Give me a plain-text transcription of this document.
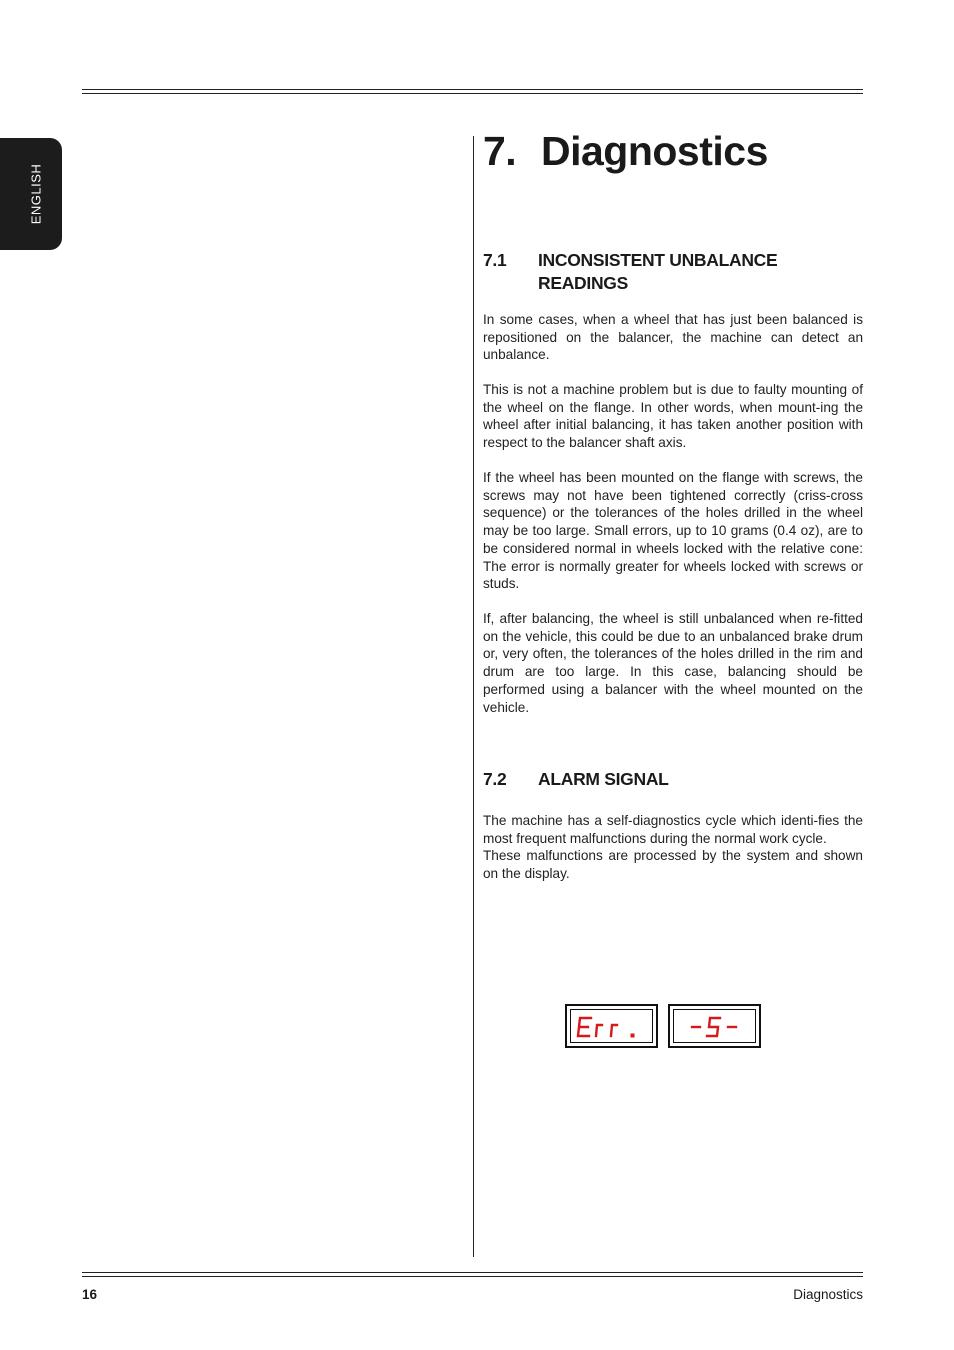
ENGLISH
7. Diagnostics
7.1	INCONSISTENT UNBALANCE READINGS

In some cases, when a wheel that has just been balanced is repositioned on the balancer, the machine can detect an unbalance.

This is not a machine problem but is due to faulty mounting of the wheel on the flange. In other words, when mount-ing the wheel after initial balancing, it has taken another position with respect to the balancer shaft axis.

If the wheel has been mounted on the flange with screws, the screws may not have been tightened correctly (criss-cross sequence) or the tolerances of the holes drilled in the wheel may be too large. Small errors, up to 10 grams (0.4 oz), are to be considered normal in wheels locked with the relative cone: The error is normally greater for wheels locked with screws or studs.

If, after balancing, the wheel is still unbalanced when re-fitted on the vehicle, this could be due to an unbalanced brake drum or, very often, the tolerances of the holes drilled in the rim and drum are too large. In this case, balancing should be performed using a balancer with the wheel mounted on the vehicle.

7.2	ALARM SIGNAL

The machine has a self-diagnostics cycle which identi-fies the most frequent malfunctions during the normal work cycle.

These malfunctions are processed by the system and shown on the display.

16	Diagnostics
